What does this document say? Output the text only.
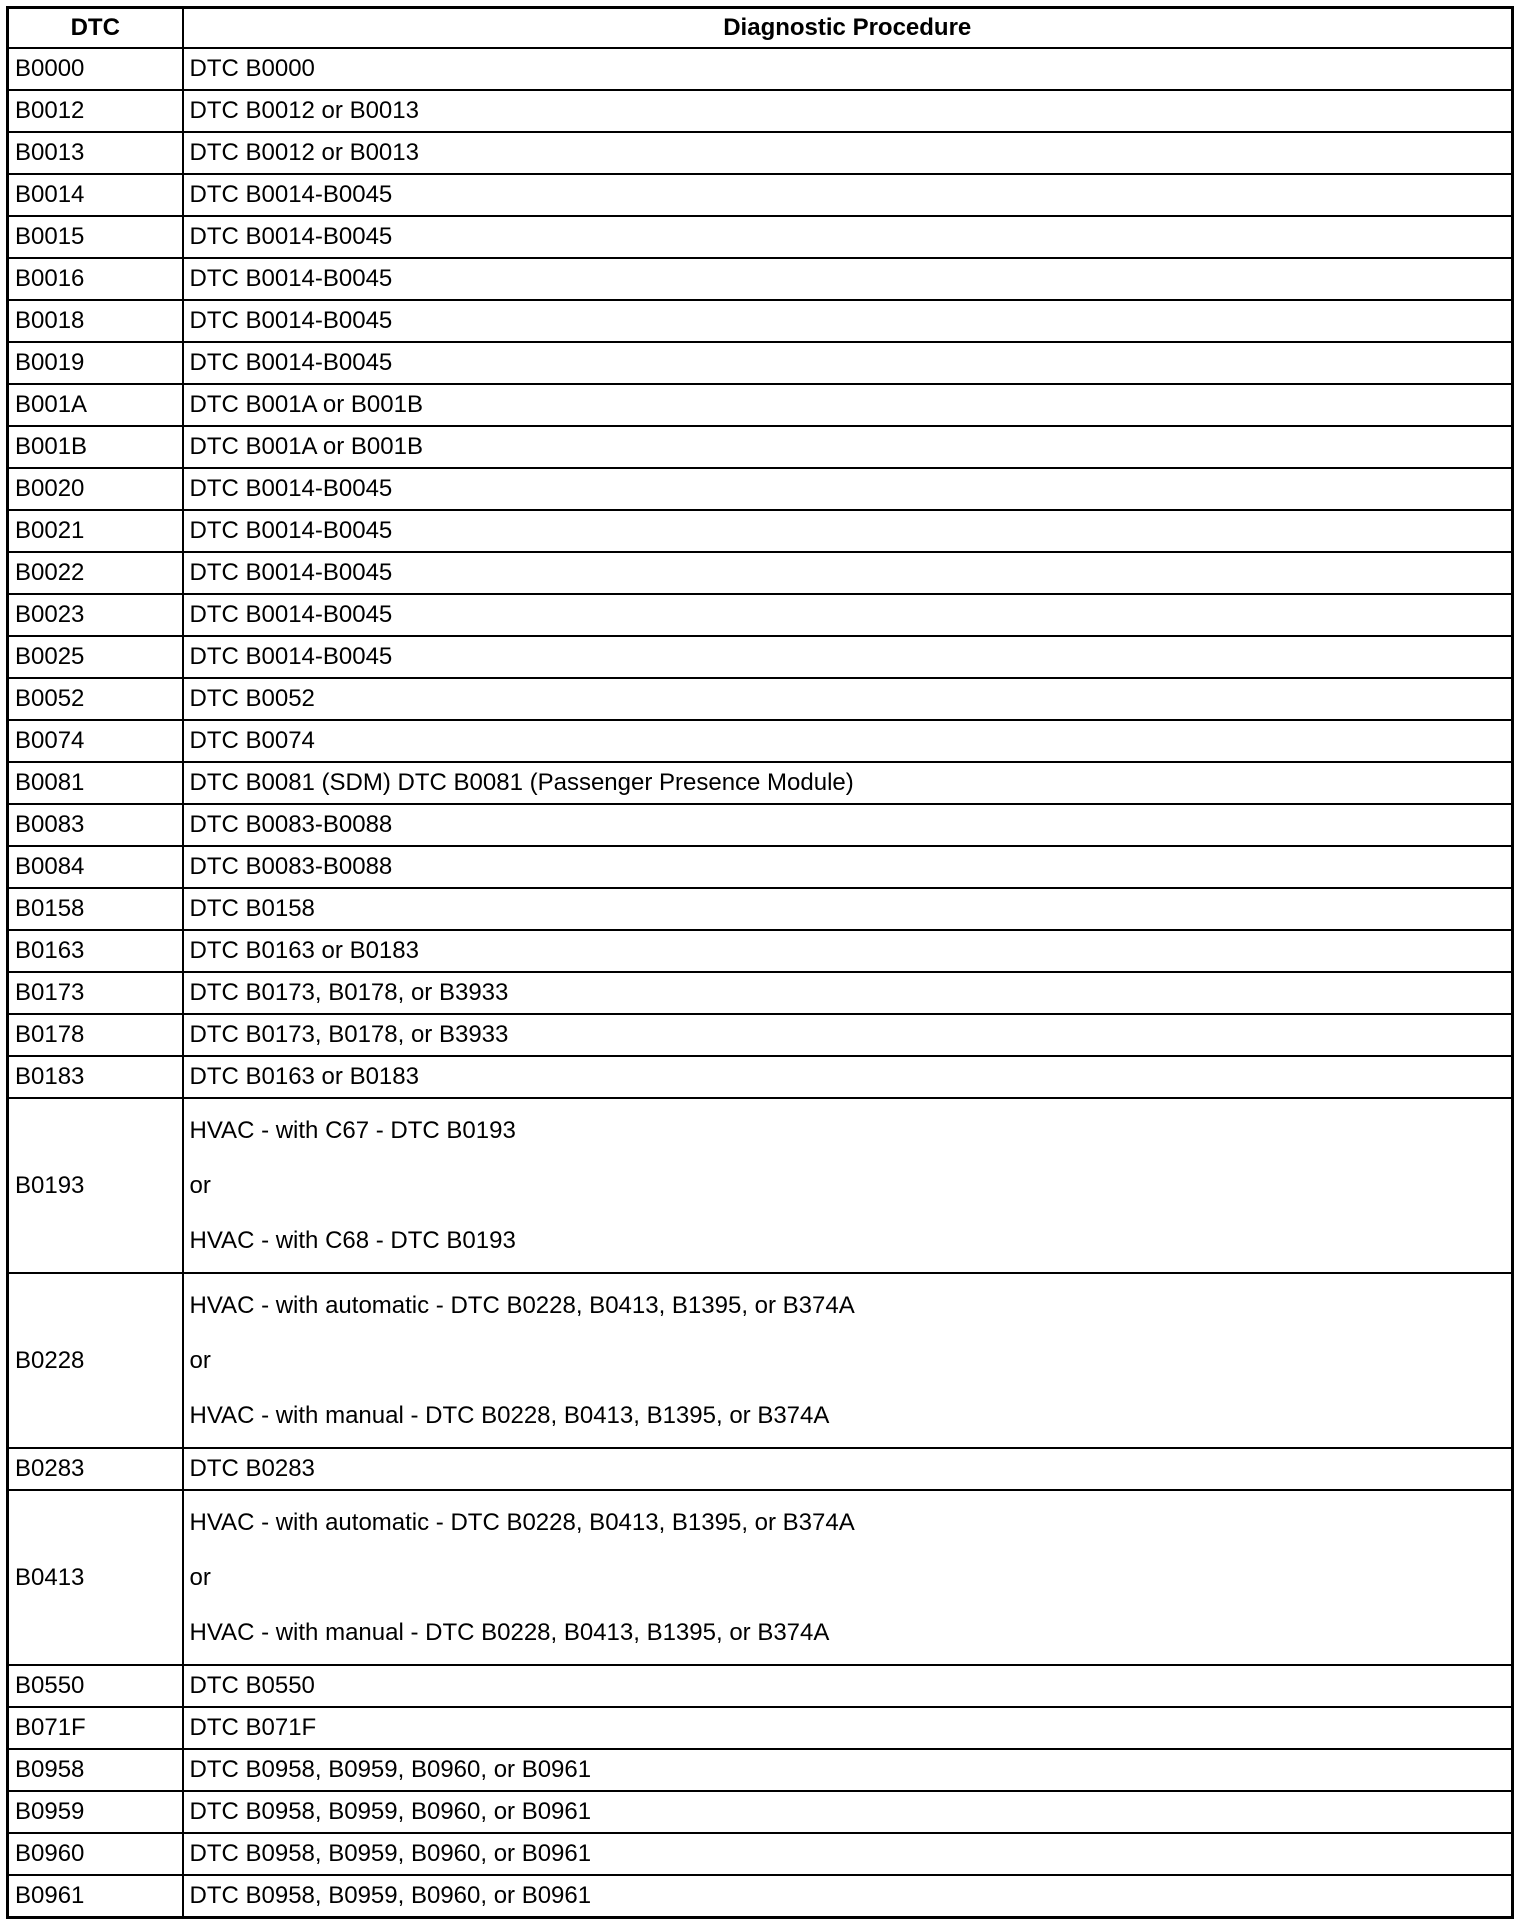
DTC	Diagnostic Procedure
B0000	DTC B0000
B0012	DTC B0012 or B0013
B0013	DTC B0012 or B0013
B0014	DTC B0014-B0045
B0015	DTC B0014-B0045
B0016	DTC B0014-B0045
B0018	DTC B0014-B0045
B0019	DTC B0014-B0045
B001A	DTC B001A or B001B
B001B	DTC B001A or B001B
B0020	DTC B0014-B0045
B0021	DTC B0014-B0045
B0022	DTC B0014-B0045
B0023	DTC B0014-B0045
B0025	DTC B0014-B0045
B0052	DTC B0052
B0074	DTC B0074
B0081	DTC B0081 (SDM) DTC B0081 (Passenger Presence Module)
B0083	DTC B0083-B0088
B0084	DTC B0083-B0088
B0158	DTC B0158
B0163	DTC B0163 or B0183
B0173	DTC B0173, B0178, or B3933
B0178	DTC B0173, B0178, or B3933
B0183	DTC B0163 or B0183
B0193	HVAC - with C67 - DTC B0193
or
HVAC - with C68 - DTC B0193

B0228	HVAC - with automatic - DTC B0228, B0413, B1395, or B374A
or
HVAC - with manual - DTC B0228, B0413, B1395, or B374A

B0283	DTC B0283
B0413	HVAC - with automatic - DTC B0228, B0413, B1395, or B374A
or
HVAC - with manual - DTC B0228, B0413, B1395, or B374A

B0550	DTC B0550
B071F	DTC B071F
B0958	DTC B0958, B0959, B0960, or B0961
B0959	DTC B0958, B0959, B0960, or B0961
B0960	DTC B0958, B0959, B0960, or B0961
B0961	DTC B0958, B0959, B0960, or B0961
